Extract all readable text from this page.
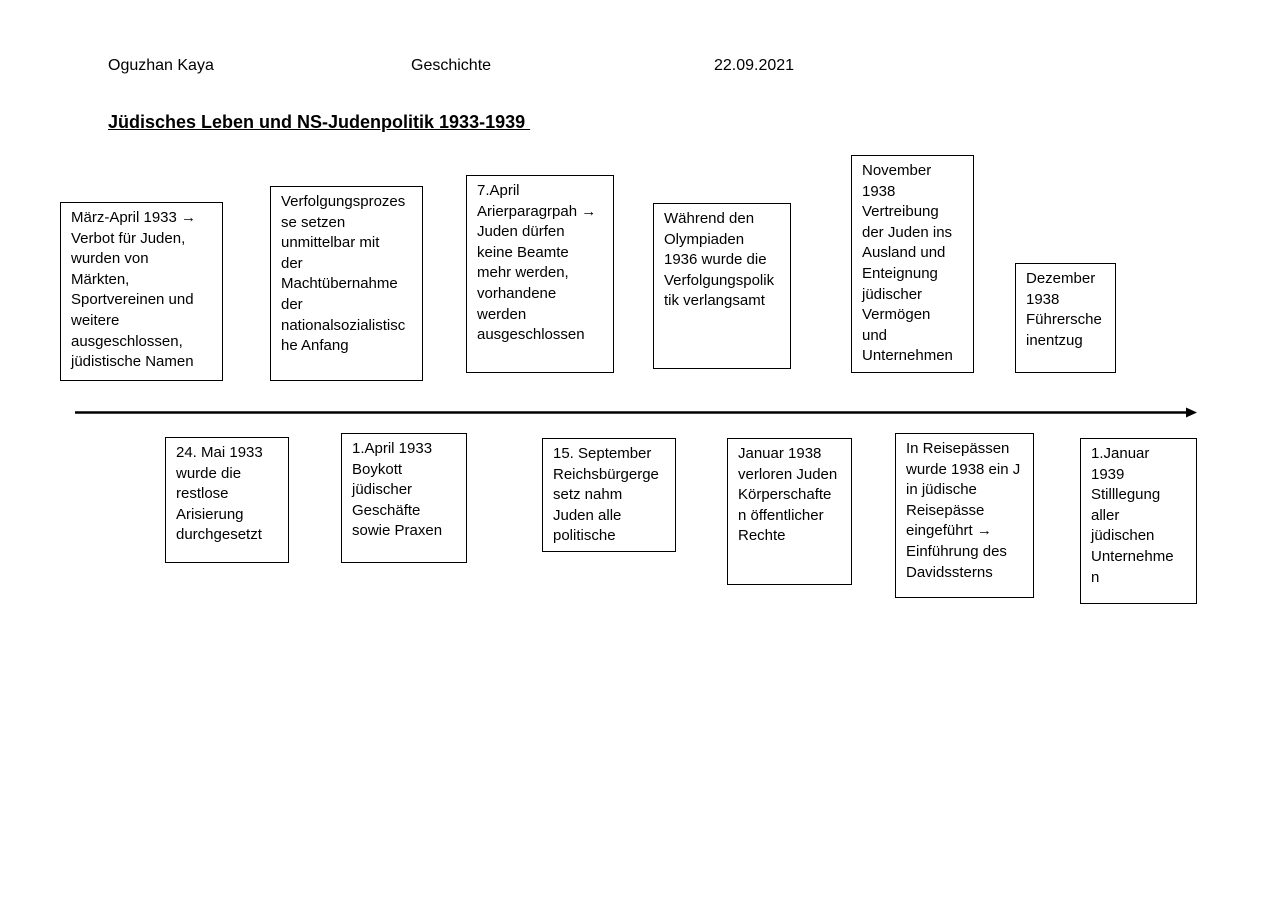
Oguzhan Kaya	Geschichte	22.09.2021
Jüdisches Leben und NS-Judenpolitik 1933-1939
März-April 1933 →
Verbot für Juden,
wurden von
Märkten,
Sportvereinen und
weitere
ausgeschlossen,
jüdistische Namen
Verfolgungsprozes
se setzen
unmittelbar mit
der
Machtübernahme
der
nationalsozialistisc
he Anfang
7.April
Arierparagrpah →
Juden dürfen
keine Beamte
mehr werden,
vorhandene
werden
ausgeschlossen
Während den
Olympiaden
1936 wurde die
Verfolgungspolik
tik verlangsamt
November
1938
Vertreibung
der Juden ins
Ausland und
Enteignung
jüdischer
Vermögen
und
Unternehmen
Dezember
1938
Führersche
inentzug
24. Mai 1933
wurde die
restlose
Arisierung
durchgesetzt
1.April 1933
Boykott
jüdischer
Geschäfte
sowie Praxen
15. September
Reichsbürgerge
setz nahm
Juden alle
politische
Januar 1938
verloren Juden
Körperschafte
n öffentlicher
Rechte
In Reisepässen
wurde 1938 ein J
in jüdische
Reisepässe
eingeführt →
Einführung des
Davidssterns
1.Januar
1939
Stilllegung
aller
jüdischen
Unternehme
n
